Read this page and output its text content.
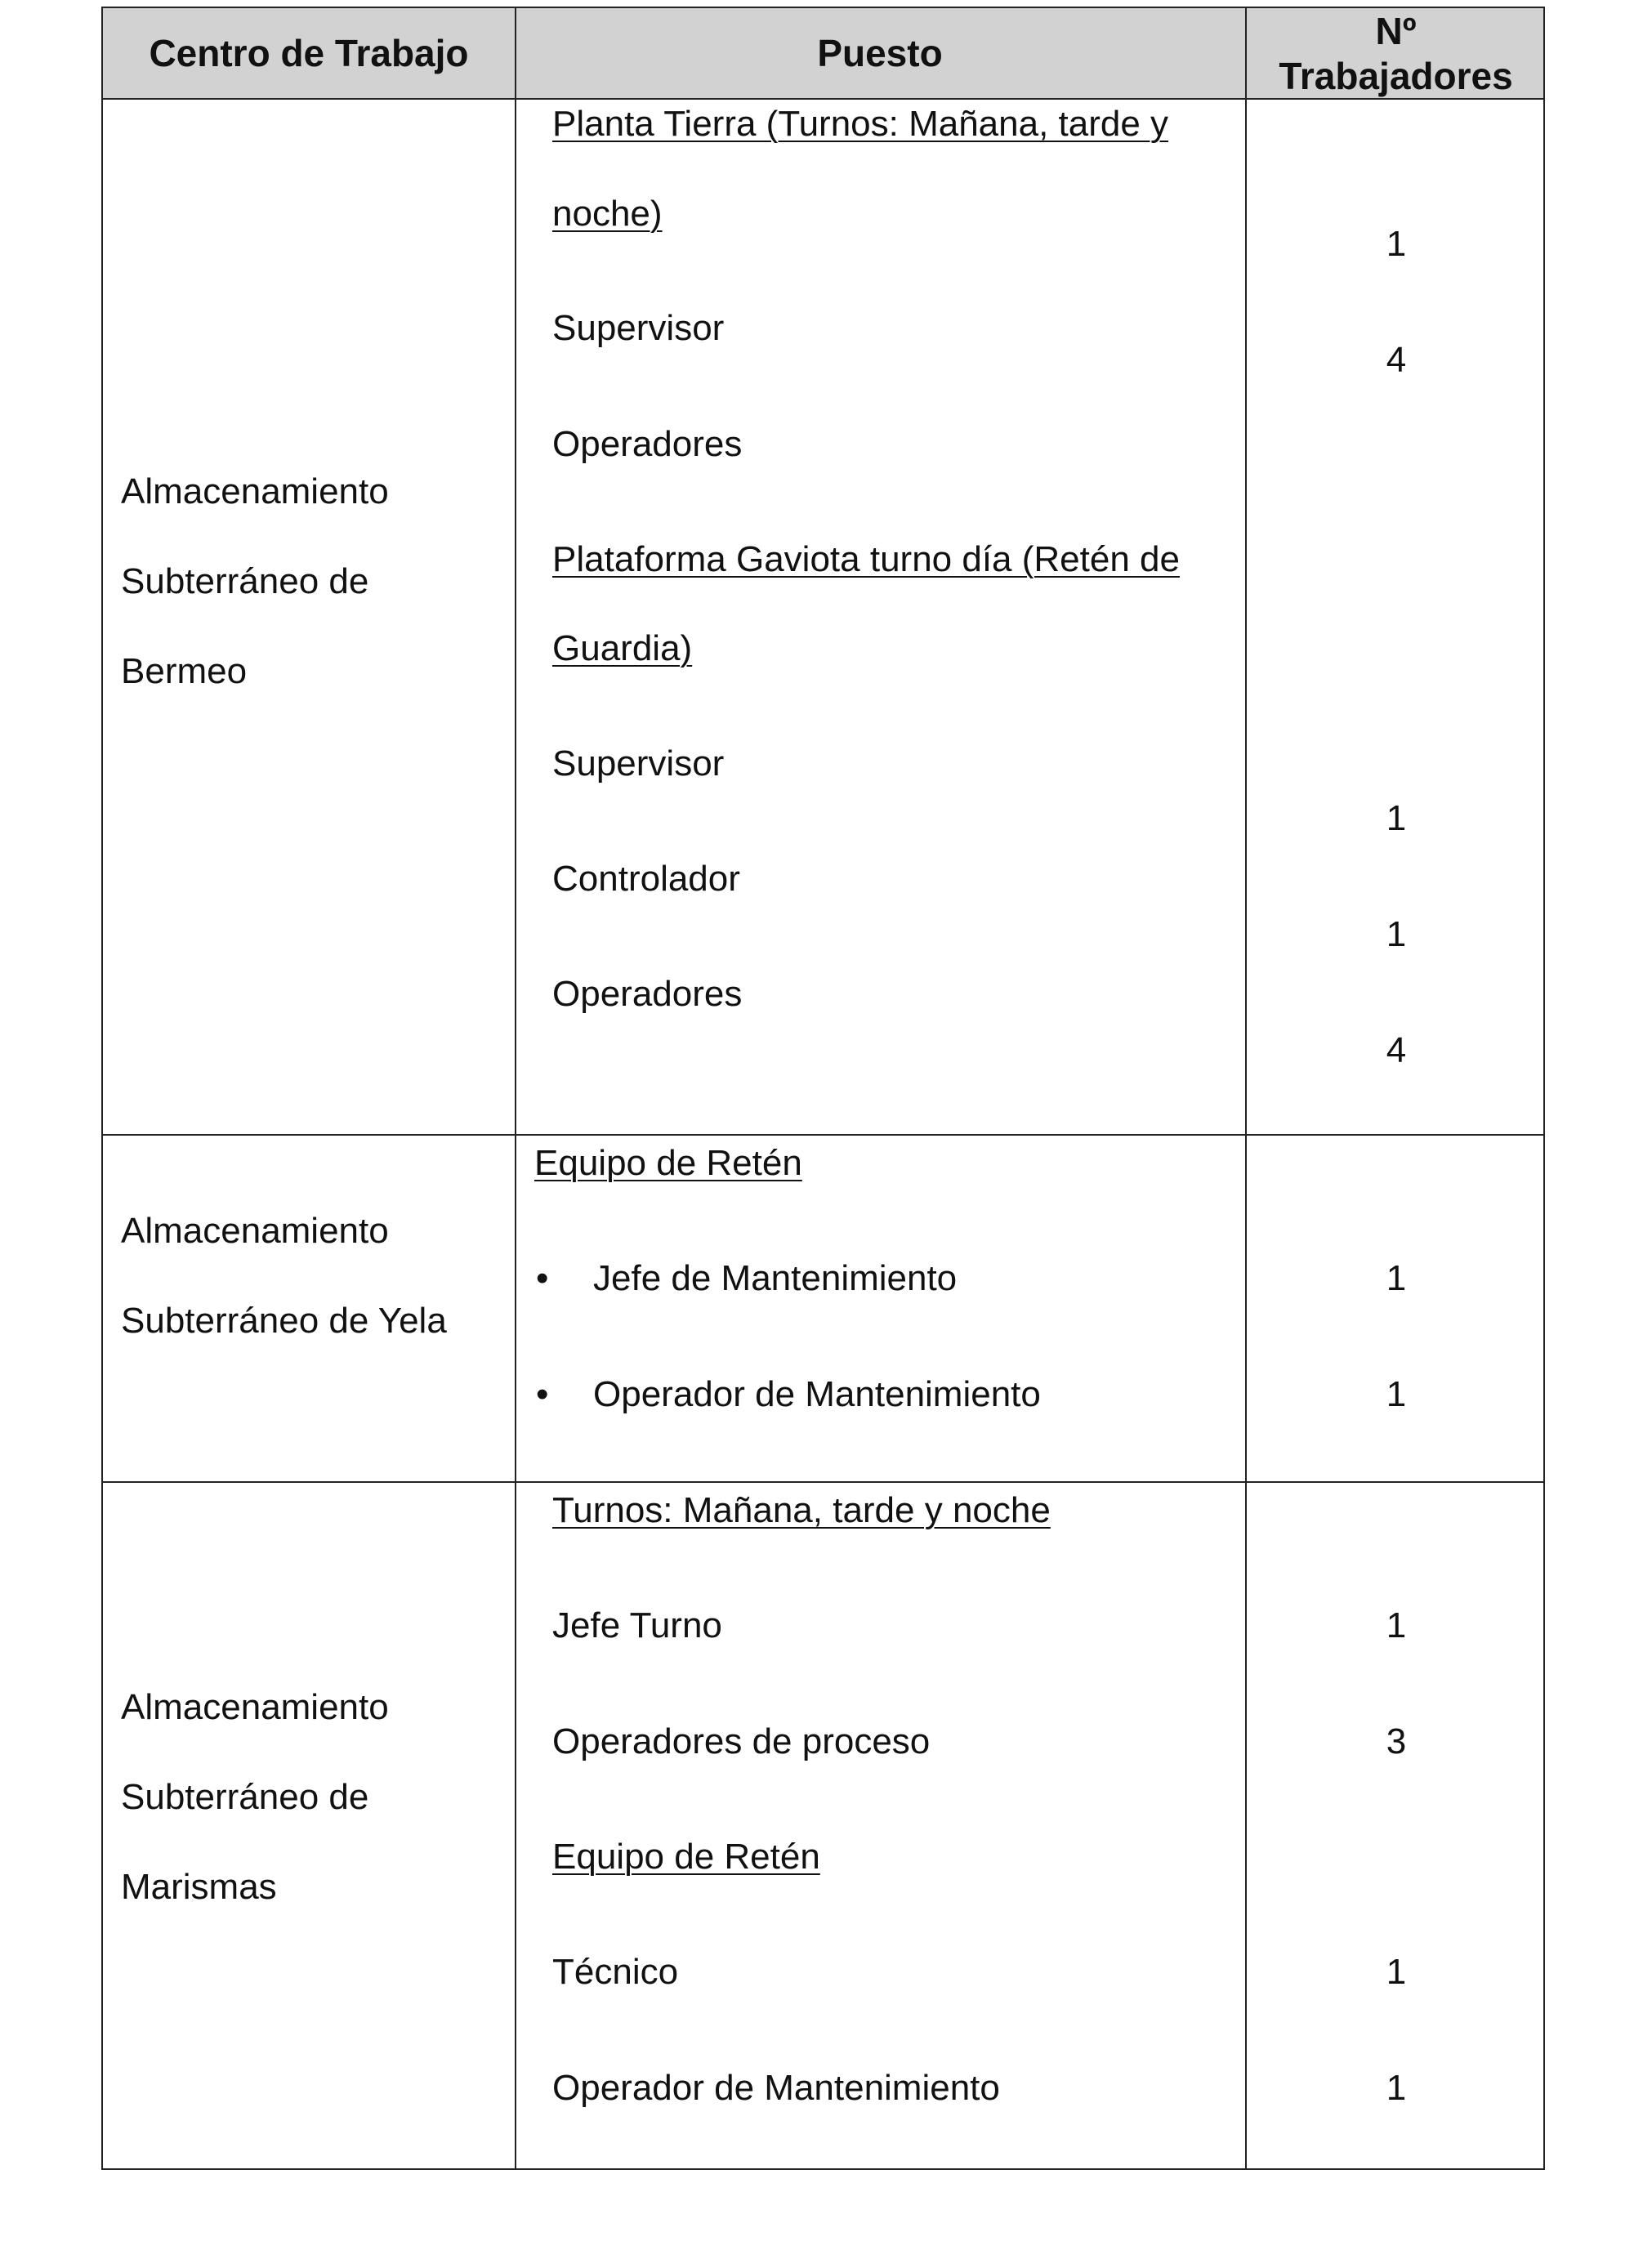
Centro de Trabajo	Puesto
Nº
Trabajadores
Almacenamiento
Subterráneo de
Bermeo
Planta Tierra (Turnos: Mañana, tarde y
noche)
Supervisor
Operadores
Plataforma Gaviota turno día (Retén de
Guardia)
Supervisor
Controlador
Operadores
1
4
1
1
4
Almacenamiento
Subterráneo de Yela
Equipo de Retén
• Jefe de Mantenimiento
• Operador de Mantenimiento
1
1
Almacenamiento
Subterráneo de
Marismas
Turnos: Mañana, tarde y noche
Jefe Turno
Operadores de proceso
Equipo de Retén
Técnico
Operador de Mantenimiento
1
3
1
1
